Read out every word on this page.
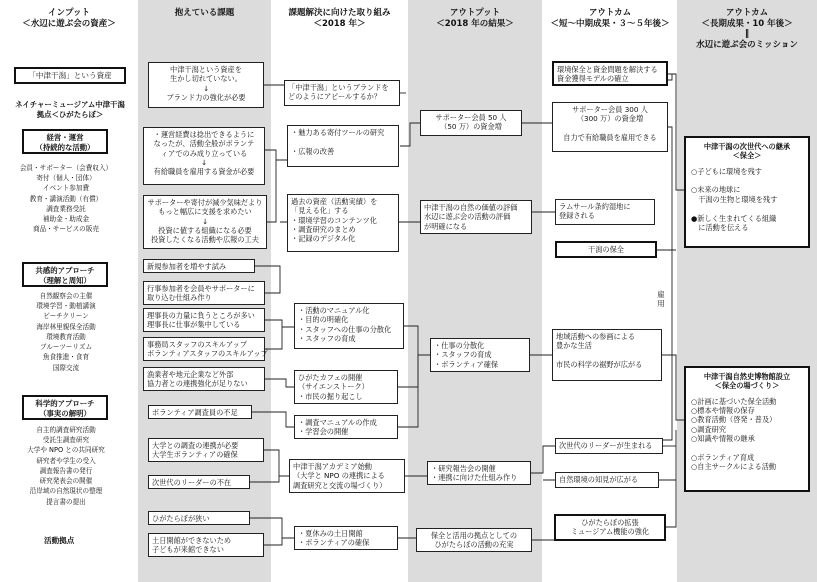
インプット
＜水辺に遊ぶ会の資産＞
抱えている課題	課題解決に向けた取り組み
＜2018 年＞
アウトプット
＜2018 年の結果＞
アウトカム
＜短〜中期成果・３〜５年後＞
アウトカム
＜長期成果・10 年後＞
‖
水辺に遊ぶ会のミッション
「中津干潟」という資産
ネイチャーミュージアム中津干潟
拠点＜ひがたらぼ＞
経営・運営
（持続的な活動）
会員・サポーター（会費収入）
寄付（個人・団体）
イベント参加費
教育・講演活動（有償）
調査業務受託
補助金・助成金
商品・サービスの販売
共感的アプローチ
（理解と周知）
自然観察会の主催
環境学習・動植講演
ビーチクリーン
海岸林里親保全活動
環境教育活動
ブルーツーリズム
魚食推進・食育
国際交流
科学的アプローチ
（事実の解明）
自主的調査研究活動
受託生調査研究
大学や NPO との共同研究
研究者や学生の受入
調査報告書の発行
研究発表会の開催
沿岸域の自然現状の整理
提言書の提出
活動拠点
中津干潟という資産を
生かし切れていない。
↓
ブランド力の強化が必要
・運営経費は捻出できるように
なったが、活動全般がボランテ
ィアでのみ成り立っている
↓
有給職員を雇用する資金が必要
サポーターや寄付が減少気味だより
もっと幅広に支援を求めたい
↓
投資に値する組織になる必要
投資したくなる活動や広報の工夫
新規参加者を増やす試み
行事参加者を会員やサポーターに
取り込む仕組み作り
理事長の力量に負うところが多い
理事長に仕事が集中している
事務局スタッフのスキルアップ
ボランティアスタッフのスキルアップ
漁業者や地元企業など外部
協力者との連携強化が足りない
ボランティア調査員の不足
大学との調査の連携が必要
大学生ボランティアの確保
次世代のリーダーの不在
ひがたらぼが狭い
土日開館ができないため
子どもが来館できない
「中津干潟」というブランドを
どのようにアピールするか？
・魅力ある寄付ツールの研究

・広報の改善
過去の資産（活動実績）を
「見える化」する
・環境学習のコンテンツ化
・調査研究のまとめ
・記録のデジタル化
・活動のマニュアル化
・目的の明確化
・スタッフへの仕事の分散化
・スタッフの育成
ひがたカフェの開催
（サイエンストーク）
・市民の掘り起こし
・調査マニュアルの作成
・学習会の開催
中津干潟アカデミア始動
（大学と NPO の連携による
調査研究と交流の場づくり）
・夏休みの土日開館
・ボランティアの確保
サポーター会員 50 人
（50 万）の資金増
中津干潟の自然の価値の評価
水辺に遊ぶ会の活動の評価
が明確になる
・仕事の分散化
・スタッフの育成
・ボランティア確保
・研究報告会の開催
・連携に向けた仕組み作り
保全と活用の拠点としての
ひがたらぼの活動の充実
環境保全と資金問題を解決する
資金獲得モデルの確立
サポーター会員 300 人
（300 万）の資金増

自力で有給職員を雇用できる
ラムサール条約湿地に
登録される
干潟の保全
地域活動への参画による
豊かな生活

市民の科学の裾野が広がる
次世代のリーダーが生まれる
自然環境の知見が広がる
ひがたらぼの拡張
ミュージアム機能の強化
雇用
中津干潟の次世代への継承
＜保全＞
○子どもに環境を残す

○未来の地球に
　干潟の生物と環境を残す

●新しく生まれてくる組織
　に活動を伝える
中津干潟自然史博物館設立
＜保全の場づくり＞
○計画に基づいた保全活動
○標本や情報の保存
○教育活動（啓発・普及）
○調査研究
○知識や情報の継承

○ボランティア育成
○自主サークルによる活動
